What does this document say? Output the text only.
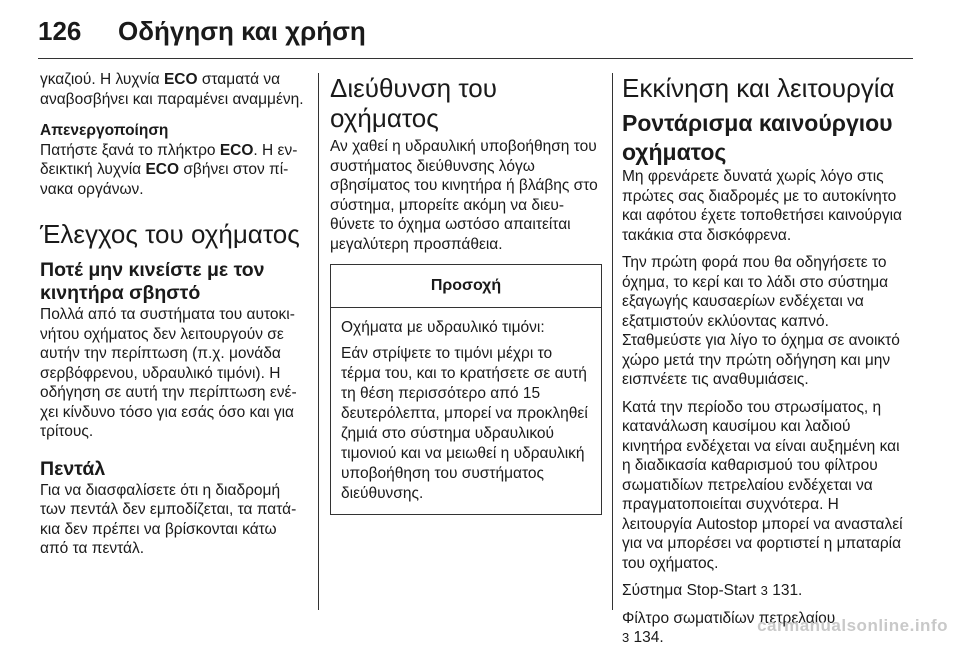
126 Οδήγηση και χρήση

γκαζιού. Η λυχνία ECO σταματά να αναβοσβήνει και παραμένει αναμμένη.

Απενεργοποίηση

Πατήστε ξανά το πλήκτρο ECO. Η ενδεικτική λυχνία ECO σβήνει στον πίνακα οργάνων.

Έλεγχος του οχήματος
Ποτέ μην κινείστε με τον κινητήρα σβηστό

Πολλά από τα συστήματα του αυτοκινήτου οχήματος δεν λειτουργούν σε αυτήν την περίπτωση (π.χ. μονάδα σερβόφρενου, υδραυλικό τιμόνι). Η οδήγηση σε αυτή την περίπτωση ενέχει κίνδυνο τόσο για εσάς όσο και για τρίτους.

Πεντάλ

Για να διασφαλίσετε ότι η διαδρομή των πεντάλ δεν εμποδίζεται, τα πατάκια δεν πρέπει να βρίσκονται κάτω από τα πεντάλ.

Διεύθυνση του οχήματος

Αν χαθεί η υδραυλική υποβοήθηση του συστήματος διεύθυνσης λόγω σβησίματος του κινητήρα ή βλάβης στο σύστημα, μπορείτε ακόμη να διευθύνετε το όχημα ωστόσο απαιτείται μεγαλύτερη προσπάθεια.

Προσοχή

Οχήματα με υδραυλικό τιμόνι:

Εάν στρίψετε το τιμόνι μέχρι το τέρμα του, και το κρατήσετε σε αυτή τη θέση περισσότερο από 15 δευτερόλεπτα, μπορεί να προκληθεί ζημιά στο σύστημα υδραυλικού τιμονιού και να μειωθεί η υδραυλική υποβοήθηση του συστήματος διεύθυνσης.

Εκκίνηση και λειτουργία
Ροντάρισμα καινούργιου οχήματος

Μη φρενάρετε δυνατά χωρίς λόγο στις πρώτες σας διαδρομές με το αυτοκίνητο και αφότου έχετε τοποθετήσει καινούργια τακάκια στα δισκόφρενα.

Την πρώτη φορά που θα οδηγήσετε το όχημα, το κερί και το λάδι στο σύστημα εξαγωγής καυσαερίων ενδέχεται να εξατμιστούν εκλύοντας καπνό. Σταθμεύστε για λίγο το όχημα σε ανοικτό χώρο μετά την πρώτη οδήγηση και μην εισπνέετε τις αναθυμιάσεις.

Κατά την περίοδο του στρωσίματος, η κατανάλωση καυσίμου και λαδιού κινητήρα ενδέχεται να είναι αυξημένη και η διαδικασία καθαρισμού του φίλτρου σωματιδίων πετρελαίου ενδέχεται να πραγματοποιείται συχνότερα. Η λειτουργία Autostop μπορεί να ανασταλεί για να μπορέσει να φορτιστεί η μπαταρία του οχήματος.

Σύστημα Stop-Start 3 131.

Φίλτρο σωματιδίων πετρελαίου
3 134.

carmanualsonline.info
